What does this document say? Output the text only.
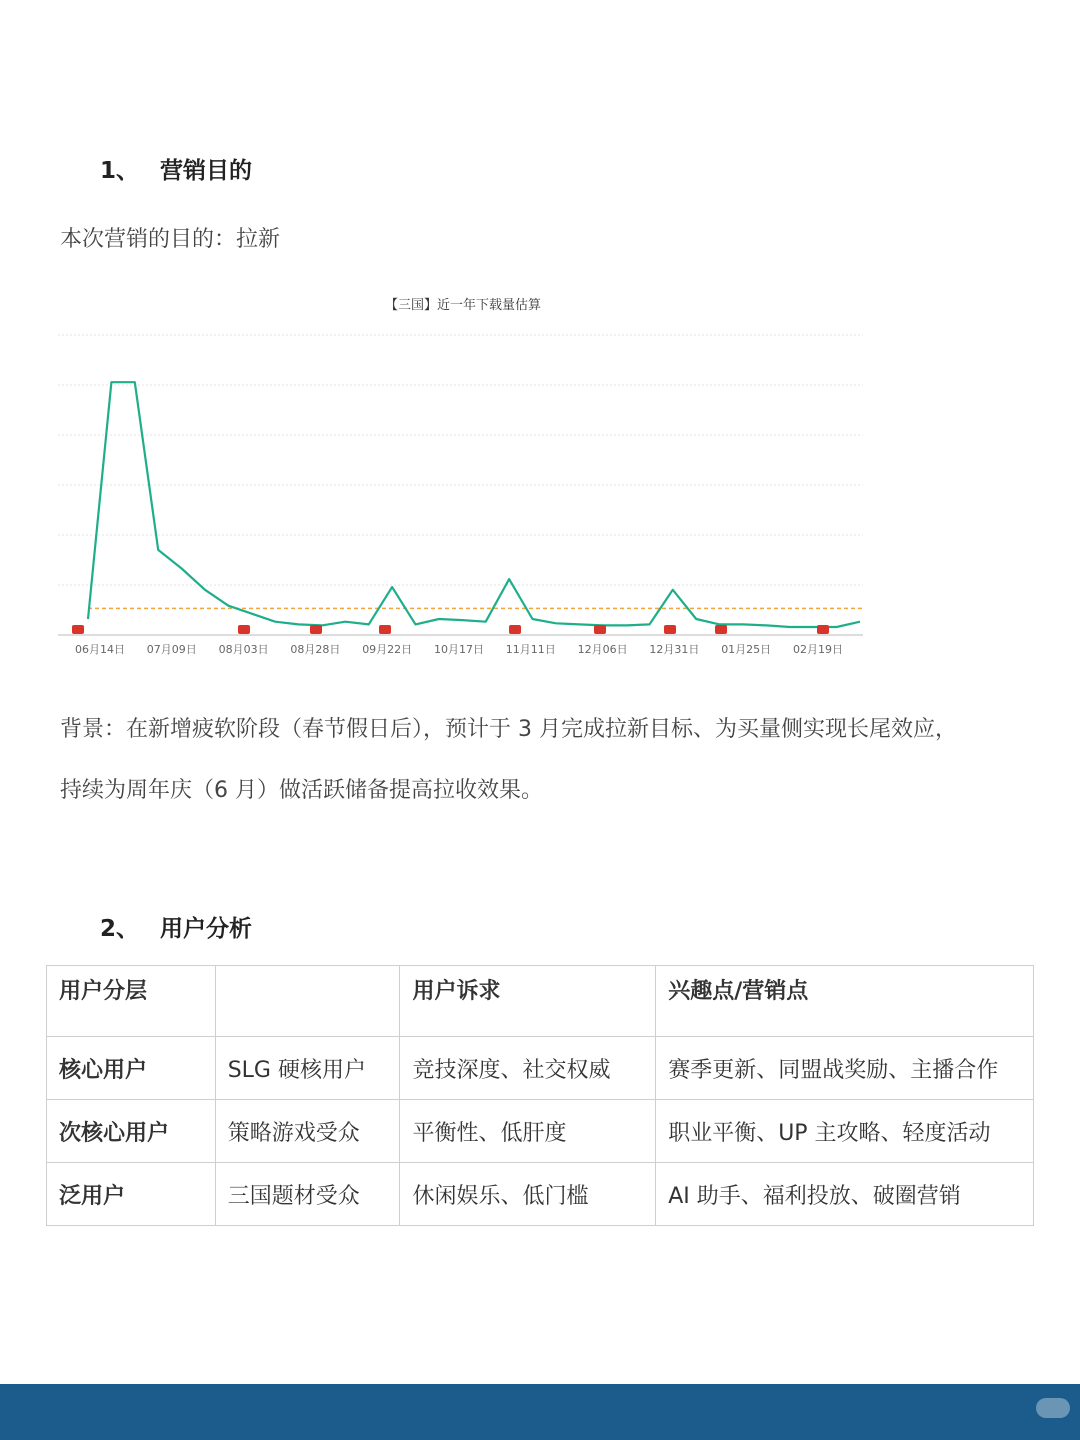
1、 营销目的
本次营销的目的：拉新
【三国】近一年下载量估算
06月14日 07月09日 08月03日 08月28日 09月22日 10月17日 11月11日 12月06日 12月31日 01月25日 02月19日
背景：在新增疲软阶段（春节假日后），预计于 3 月完成拉新目标、为买量侧实现长尾效应，
持续为周年庆（6 月）做活跃储备提高拉收效果。
2、 用户分析
用户分层		用户诉求	兴趣点/营销点
核心用户	SLG 硬核用户	竞技深度、社交权威	赛季更新、同盟战奖励、主播合作
次核心用户	策略游戏受众	平衡性、低肝度	职业平衡、UP 主攻略、轻度活动
泛用户	三国题材受众	休闲娱乐、低门槛	AI 助手、福利投放、破圈营销
